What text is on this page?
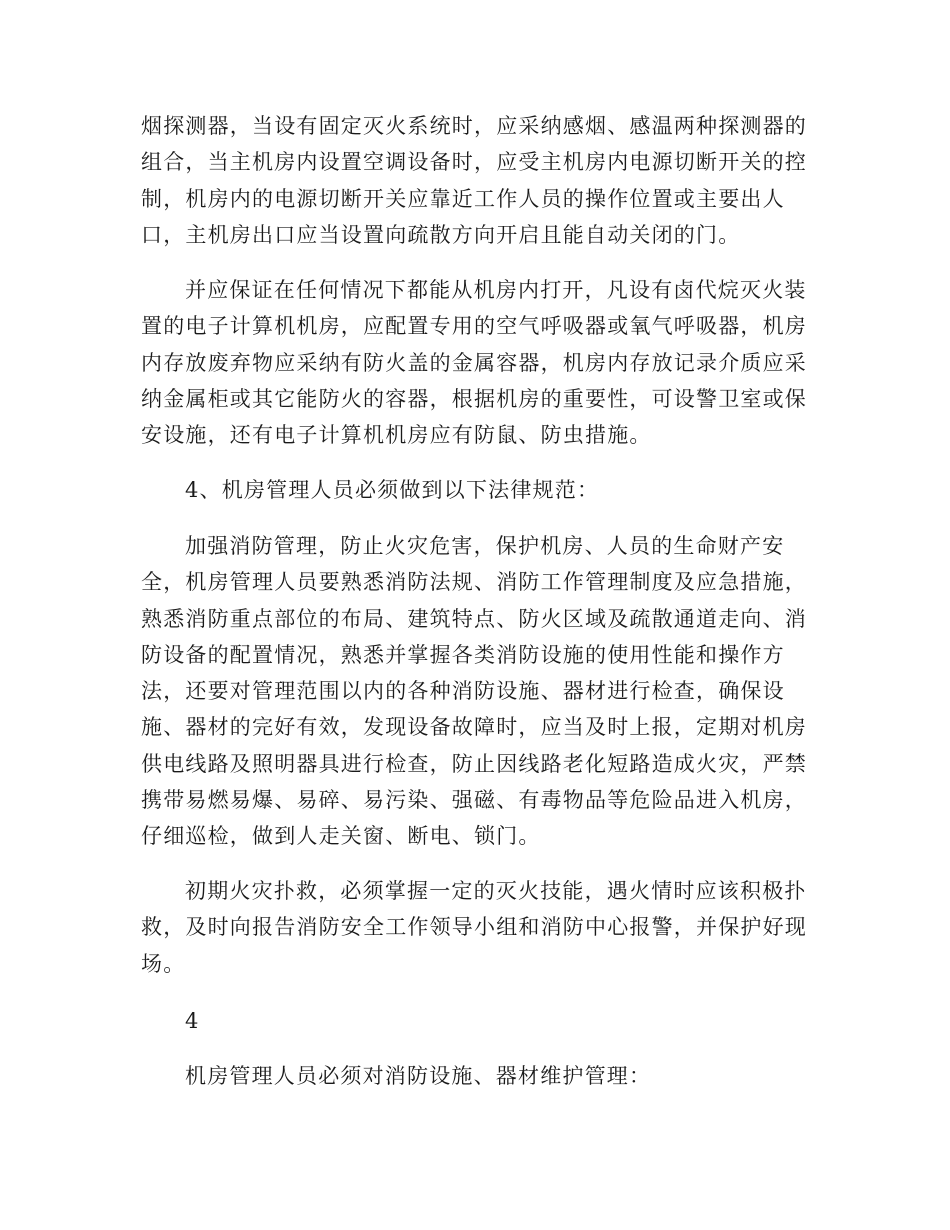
烟探测器，当设有固定灭火系统时，应采纳感烟、感温两种探测器的
组合，当主机房内设置空调设备时，应受主机房内电源切断开关的控
制，机房内的电源切断开关应靠近工作人员的操作位置或主要出人
口，主机房出口应当设置向疏散方向开启且能自动关闭的门。
并应保证在任何情况下都能从机房内打开，凡设有卤代烷灭火装
置的电子计算机机房，应配置专用的空气呼吸器或氧气呼吸器，机房
内存放废弃物应采纳有防火盖的金属容器，机房内存放记录介质应采
纳金属柜或其它能防火的容器，根据机房的重要性，可设警卫室或保
安设施，还有电子计算机机房应有防鼠、防虫措施。
4、机房管理人员必须做到以下法律规范：
加强消防管理，防止火灾危害，保护机房、人员的生命财产安
全，机房管理人员要熟悉消防法规、消防工作管理制度及应急措施，
熟悉消防重点部位的布局、建筑特点、防火区域及疏散通道走向、消
防设备的配置情况，熟悉并掌握各类消防设施的使用性能和操作方
法，还要对管理范围以内的各种消防设施、器材进行检查，确保设
施、器材的完好有效，发现设备故障时，应当及时上报，定期对机房
供电线路及照明器具进行检查，防止因线路老化短路造成火灾，严禁
携带易燃易爆、易碎、易污染、强磁、有毒物品等危险品进入机房，
仔细巡检，做到人走关窗、断电、锁门。
初期火灾扑救，必须掌握一定的灭火技能，遇火情时应该积极扑
救，及时向报告消防安全工作领导小组和消防中心报警，并保护好现
场。
4
机房管理人员必须对消防设施、器材维护管理：
